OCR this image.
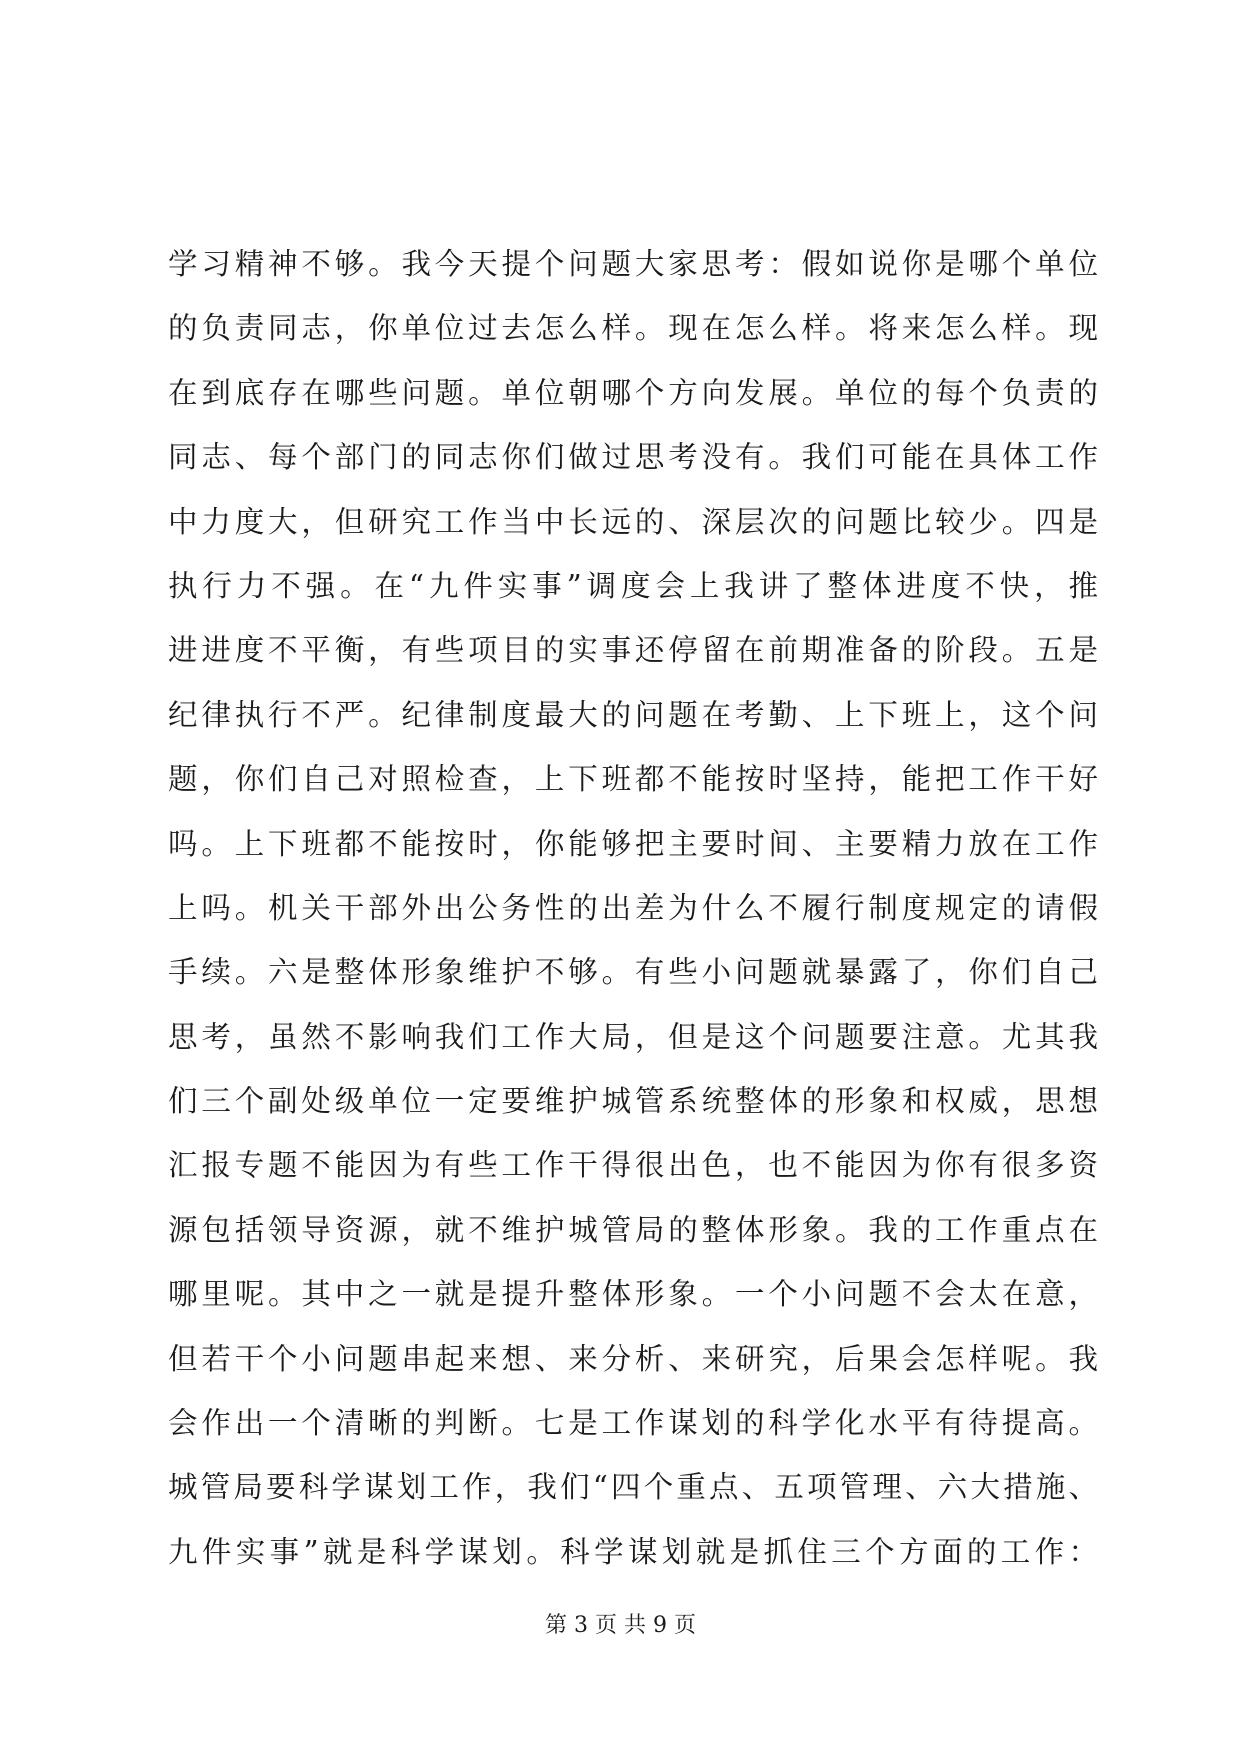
学习精神不够。我今天提个问题大家思考：假如说你是哪个单位
的负责同志，你单位过去怎么样。现在怎么样。将来怎么样。现
在到底存在哪些问题。单位朝哪个方向发展。单位的每个负责的
同志、每个部门的同志你们做过思考没有。我们可能在具体工作
中力度大，但研究工作当中长远的、深层次的问题比较少。四是
执行力不强。在“九件实事”调度会上我讲了整体进度不快，推
进进度不平衡，有些项目的实事还停留在前期准备的阶段。五是
纪律执行不严。纪律制度最大的问题在考勤、上下班上，这个问
题，你们自己对照检查，上下班都不能按时坚持，能把工作干好
吗。上下班都不能按时，你能够把主要时间、主要精力放在工作
上吗。机关干部外出公务性的出差为什么不履行制度规定的请假
手续。六是整体形象维护不够。有些小问题就暴露了，你们自己
思考，虽然不影响我们工作大局，但是这个问题要注意。尤其我
们三个副处级单位一定要维护城管系统整体的形象和权威，思想
汇报专题不能因为有些工作干得很出色，也不能因为你有很多资
源包括领导资源，就不维护城管局的整体形象。我的工作重点在
哪里呢。其中之一就是提升整体形象。一个小问题不会太在意，
但若干个小问题串起来想、来分析、来研究，后果会怎样呢。我
会作出一个清晰的判断。七是工作谋划的科学化水平有待提高。
城管局要科学谋划工作，我们“四个重点、五项管理、六大措施、
九件实事”就是科学谋划。科学谋划就是抓住三个方面的工作：
第 3 页 共 9 页
